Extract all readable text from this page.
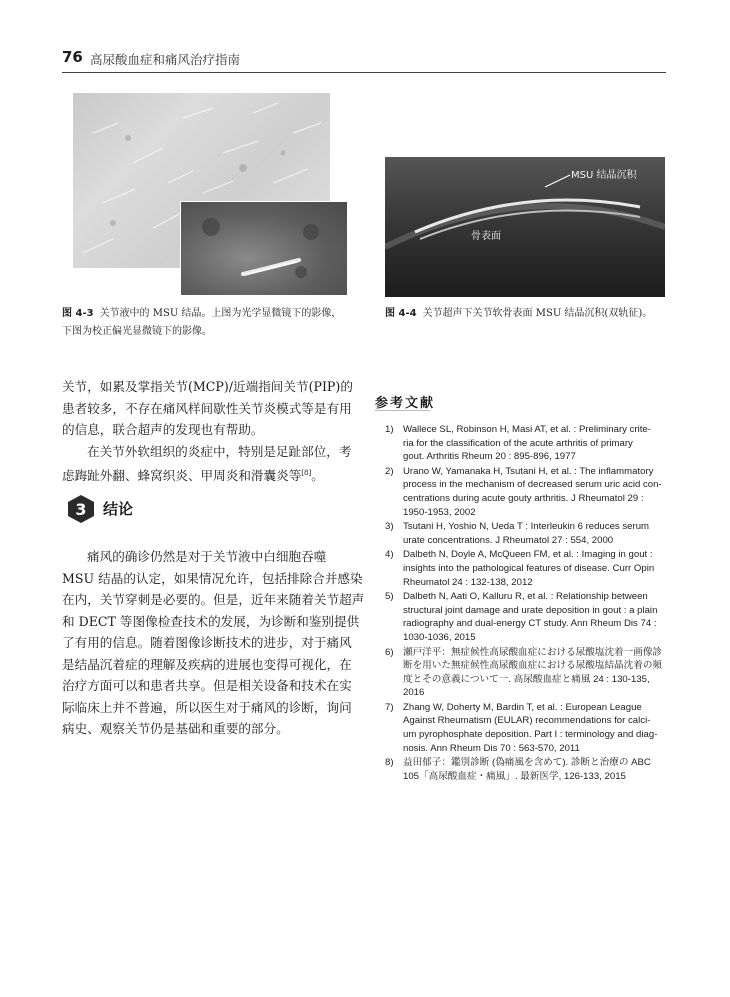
76 高尿酸血症和痛风治疗指南
MSU 结晶沉积
骨表面
图 4-3 关节液中的 MSU 结晶。上图为光学显微镜下的影像，
下图为校正偏光显微镜下的影像。
图 4-4 关节超声下关节软骨表面 MSU 结晶沉积(双轨征)。
关节，如累及掌指关节(MCP)/近端指间关节(PIP)的
患者较多，不存在痛风样间歇性关节炎模式等是有用
的信息，联合超声的发现也有帮助。
在关节外软组织的炎症中，特别是足趾部位，考
虑踇趾外翻、蜂窝织炎、甲周炎和滑囊炎等[8]。
3 结论
痛风的确诊仍然是对于关节液中白细胞吞噬
MSU 结晶的认定，如果情况允许，包括排除合并感染
在内，关节穿刺是必要的。但是，近年来随着关节超声
和 DECT 等图像检查技术的发展，为诊断和鉴别提供
了有用的信息。随着图像诊断技术的进步，对于痛风
是结晶沉着症的理解及疾病的进展也变得可视化，在
治疗方面可以和患者共享。但是相关设备和技术在实
际临床上并不普遍，所以医生对于痛风的诊断，询问
病史、观察关节仍是基础和重要的部分。
参考文献
1) Wallece SL, Robinson H, Masi AT, et al. : Preliminary crite-
ria for the classification of the acute arthritis of primary
gout. Arthritis Rheum 20 : 895-896, 1977
2) Urano W, Yamanaka H, Tsutani H, et al. : The inflammatory
process in the mechanism of decreased serum uric acid con-
centrations during acute gouty arthritis. J Rheumatol 29 :
1950-1953, 2002
3) Tsutani H, Yoshio N, Ueda T : Interleukin 6 reduces serum
urate concentrations. J Rheumatol 27 : 554, 2000
4) Dalbeth N, Doyle A, McQueen FM, et al. : Imaging in gout :
insights into the pathological features of disease. Curr Opin
Rheumatol 24 : 132-138, 2012
5) Dalbeth N, Aati O, Kalluru R, et al. : Relationship between
structural joint damage and urate deposition in gout : a plain
radiography and dual-energy CT study. Ann Rheum Dis 74 :
1030-1036, 2015
6) 瀬戸洋平：無症候性高尿酸血症における尿酸塩沈着一画像診
断を用いた無症候性高尿酸血症における尿酸塩結晶沈着の頻
度とその意義について一. 高尿酸血症と痛風 24 : 130-135,
2016
7) Zhang W, Doherty M, Bardin T, et al. : European League
Against Rheumatism (EULAR) recommendations for calci-
um pyrophosphate deposition. Part I : terminology and diag-
nosis. Ann Rheum Dis 70 : 563-570, 2011
8) 益田郁子：鑑別診断 (偽痛風を含めて). 診断と治療の ABC
105「高尿酸血症・痛風」. 最新医学, 126-133, 2015
